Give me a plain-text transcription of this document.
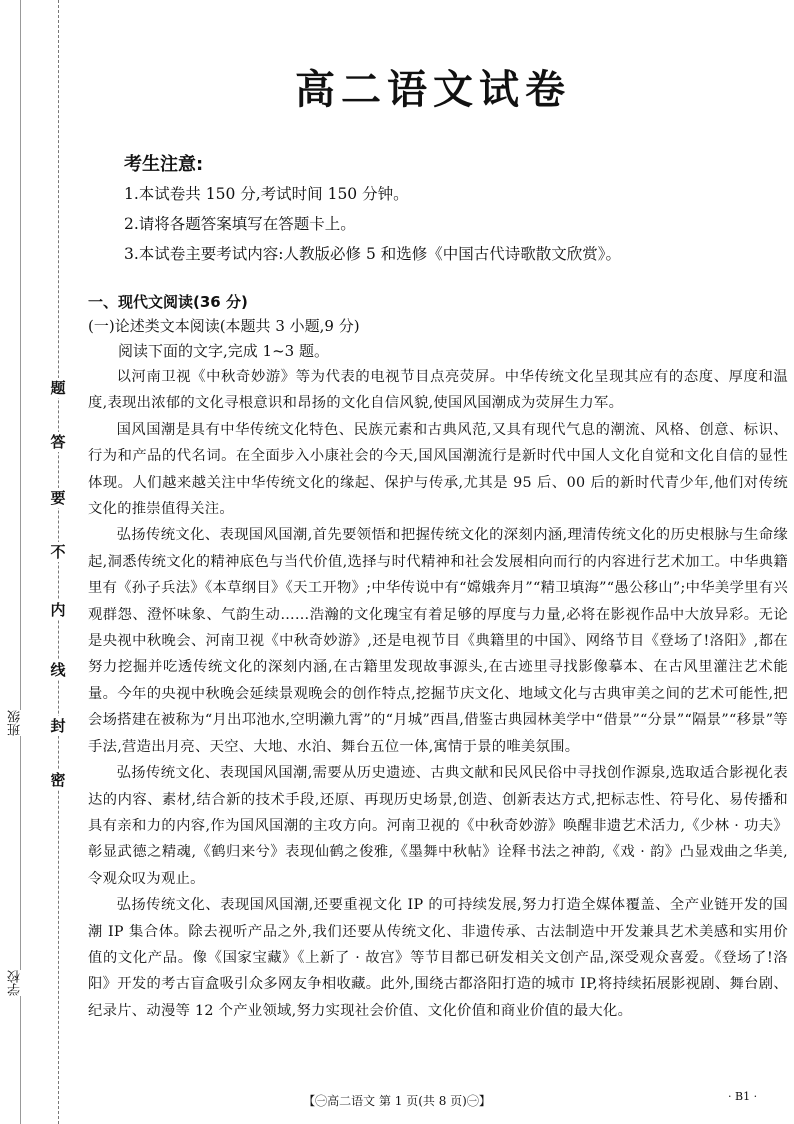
题
答
要
不
内
线
封
密
班级
学校
高二语文试卷
考生注意:
1.本试卷共 150 分,考试时间 150 分钟。
2.请将各题答案填写在答题卡上。
3.本试卷主要考试内容:人教版必修 5 和选修《中国古代诗歌散文欣赏》。
一、现代文阅读(36 分)
(一)论述类文本阅读(本题共 3 小题,9 分)
阅读下面的文字,完成 1~3 题。

以河南卫视《中秋奇妙游》等为代表的电视节目点亮荧屏。中华传统文化呈现其应有的态度、厚度和温度,表现出浓郁的文化寻根意识和昂扬的文化自信风貌,使国风国潮成为荧屏生力军。

国风国潮是具有中华传统文化特色、民族元素和古典风范,又具有现代气息的潮流、风格、创意、标识、行为和产品的代名词。在全面步入小康社会的今天,国风国潮流行是新时代中国人文化自觉和文化自信的显性体现。人们越来越关注中华传统文化的缘起、保护与传承,尤其是 95 后、00 后的新时代青少年,他们对传统文化的推崇值得关注。

弘扬传统文化、表现国风国潮,首先要领悟和把握传统文化的深刻内涵,理清传统文化的历史根脉与生命缘起,洞悉传统文化的精神底色与当代价值,选择与时代精神和社会发展相向而行的内容进行艺术加工。中华典籍里有《孙子兵法》《本草纲目》《天工开物》;中华传说中有“嫦娥奔月”“精卫填海”“愚公移山”;中华美学里有兴观群怨、澄怀味象、气韵生动……浩瀚的文化瑰宝有着足够的厚度与力量,必将在影视作品中大放异彩。无论是央视中秋晚会、河南卫视《中秋奇妙游》,还是电视节目《典籍里的中国》、网络节目《登场了!洛阳》,都在努力挖掘并吃透传统文化的深刻内涵,在古籍里发现故事源头,在古迹里寻找影像摹本、在古风里灌注艺术能量。今年的央视中秋晚会延续景观晚会的创作特点,挖掘节庆文化、地域文化与古典审美之间的艺术可能性,把会场搭建在被称为“月出邛池水,空明濑九霄”的“月城”西昌,借鉴古典园林美学中“借景”“分景”“隔景”“移景”等手法,营造出月亮、天空、大地、水泊、舞台五位一体,寓情于景的唯美氛围。

弘扬传统文化、表现国风国潮,需要从历史遗迹、古典文献和民风民俗中寻找创作源泉,选取适合影视化表达的内容、素材,结合新的技术手段,还原、再现历史场景,创造、创新表达方式,把标志性、符号化、易传播和具有亲和力的内容,作为国风国潮的主攻方向。河南卫视的《中秋奇妙游》唤醒非遗艺术活力,《少林 · 功夫》彰显武德之精魂,《鹤归来兮》表现仙鹤之俊雅,《墨舞中秋帖》诠释书法之神韵,《戏 · 韵》凸显戏曲之华美,令观众叹为观止。

弘扬传统文化、表现国风国潮,还要重视文化 IP 的可持续发展,努力打造全媒体覆盖、全产业链开发的国潮 IP 集合体。除去视听产品之外,我们还要从传统文化、非遗传承、古法制造中开发兼具艺术美感和实用价值的文化产品。像《国家宝藏》《上新了 · 故宫》等节目都已研发相关文创产品,深受观众喜爱。《登场了!洛阳》开发的考古盲盒吸引众多网友争相收藏。此外,围绕古都洛阳打造的城市 IP,将持续拓展影视剧、舞台剧、纪录片、动漫等 12 个产业领域,努力实现社会价值、文化价值和商业价值的最大化。

【㊀高二语文 第 1 页(共 8 页)㊀】	· B1 ·
